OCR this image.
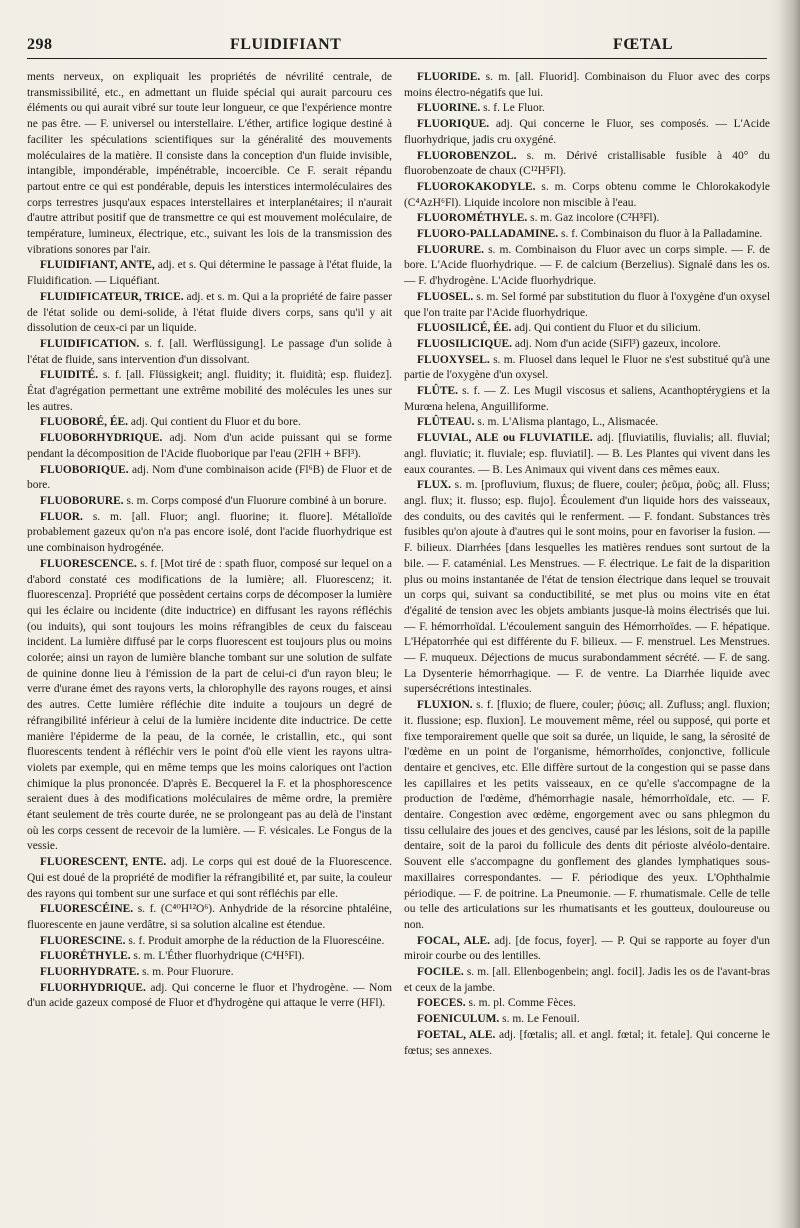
298	FLUIDIFIANT	FŒTAL

ments nerveux, on expliquait les propriétés de névrilité centrale, de transmissibilité, etc., en admettant un fluide spécial qui aurait parcouru ces éléments ou qui aurait vibré sur toute leur longueur, ce que l'expérience montre ne pas être. — F. universel ou interstellaire. L'éther, artifice logique destiné à faciliter les spéculations scientifiques sur la généralité des mouvements moléculaires de la matière. Il consiste dans la conception d'un fluide invisible, intangible, impondérable, impénétrable, incoercible. Ce F. serait répandu partout entre ce qui est pondérable, depuis les interstices intermoléculaires des corps terrestres jusqu'aux espaces interstellaires et interplanétaires; il n'aurait d'autre attribut positif que de transmettre ce qui est mouvement moléculaire, de température, lumineux, électrique, etc., suivant les lois de la transmission des vibrations sonores par l'air.

FLUIDIFIANT, ANTE, adj. et s. Qui détermine le passage à l'état fluide, la Fluidification. — Liquéfiant.

FLUIDIFICATEUR, TRICE. adj. et s. m. Qui a la propriété de faire passer de l'état solide ou demi-solide, à l'état fluide divers corps, sans qu'il y ait dissolution de ceux-ci par un liquide.

FLUIDIFICATION. s. f. [all. Werflüssigung]. Le passage d'un solide à l'état de fluide, sans intervention d'un dissolvant.

FLUIDITÉ. s. f. [all. Flüssigkeit; angl. fluidity; it. fluidità; esp. fluidez]. État d'agrégation permettant une extrême mobilité des molécules les unes sur les autres.

FLUOBORÉ, ÉE. adj. Qui contient du Fluor et du bore.

FLUOBORHYDRIQUE. adj. Nom d'un acide puissant qui se forme pendant la décomposition de l'Acide fluoborique par l'eau (2FlH + BFl³).

FLUOBORIQUE. adj. Nom d'une combinaison acide (Fl⁶B) de Fluor et de bore.

FLUOBORURE. s. m. Corps composé d'un Fluorure combiné à un borure.

FLUOR. s. m. [all. Fluor; angl. fluorine; it. fluore]. Métalloïde probablement gazeux qu'on n'a pas encore isolé, dont l'acide fluorhydrique est une combinaison hydrogénée.

FLUORESCENCE. s. f. [Mot tiré de : spath fluor, composé sur lequel on a d'abord constaté ces modifications de la lumière; all. Fluorescenz; it. fluorescenza]. Propriété que possèdent certains corps de décomposer la lumière qui les éclaire ou incidente (dite inductrice) en diffusant les rayons réfléchis (ou induits), qui sont toujours les moins réfrangibles de ceux du faisceau incident. La lumière diffusé par le corps fluorescent est toujours plus ou moins colorée; ainsi un rayon de lumière blanche tombant sur une solution de sulfate de quinine donne lieu à l'émission de la part de celui-ci d'un rayon bleu; le verre d'urane émet des rayons verts, la chlorophylle des rayons rouges, et ainsi des autres. Cette lumière réfléchie dite induite a toujours un degré de réfrangibilité inférieur à celui de la lumière incidente dite inductrice. De cette manière l'épiderme de la peau, de la cornée, le cristallin, etc., qui sont fluorescents tendent à réfléchir vers le point d'où elle vient les rayons ultra-violets par exemple, qui en même temps que les moins caloriques ont l'action chimique la plus prononcée. D'après E. Becquerel la F. et la phosphorescence seraient dues à des modifications moléculaires de même ordre, la première étant seulement de très courte durée, ne se prolongeant pas au delà de l'instant où les corps cessent de recevoir de la lumière. — F. vésicales. Le Fongus de la vessie.

FLUORESCENT, ENTE. adj. Le corps qui est doué de la Fluorescence. Qui est doué de la propriété de modifier la réfrangibilité et, par suite, la couleur des rayons qui tombent sur une surface et qui sont réfléchis par elle.

FLUORESCÉINE. s. f. (C⁴⁰H¹²O⁶). Anhydride de la résorcine phtaléine, fluorescente en jaune verdâtre, si sa solution alcaline est étendue.

FLUORESCINE. s. f. Produit amorphe de la réduction de la Fluorescéine.

FLUORÉTHYLE. s. m. L'Éther fluorhydrique (C⁴H⁵Fl).

FLUORHYDRATE. s. m. Pour Fluorure.

FLUORHYDRIQUE. adj. Qui concerne le fluor et l'hydrogène. — Nom d'un acide gazeux composé de Fluor et d'hydrogène qui attaque le verre (HFl).

FLUORIDE. s. m. [all. Fluorid]. Combinaison du Fluor avec des corps moins électro-négatifs que lui.

FLUORINE. s. f. Le Fluor.

FLUORIQUE. adj. Qui concerne le Fluor, ses composés. — L'Acide fluorhydrique, jadis cru oxygéné.

FLUOROBENZOL. s. m. Dérivé cristallisable fusible à 40° du fluorobenzoate de chaux (C¹²H⁵Fl).

FLUOROKAKODYLE. s. m. Corps obtenu comme le Chlorokakodyle (C⁴AzH⁶Fl). Liquide incolore non miscible à l'eau.

FLUOROMÉTHYLE. s. m. Gaz incolore (C²H³Fl).

FLUORO-PALLADAMINE. s. f. Combinaison du fluor à la Palladamine.

FLUORURE. s. m. Combinaison du Fluor avec un corps simple. — F. de bore. L'Acide fluorhydrique. — F. de calcium (Berzelius). Signalé dans les os. — F. d'hydrogène. L'Acide fluorhydrique.

FLUOSEL. s. m. Sel formé par substitution du fluor à l'oxygène d'un oxysel que l'on traite par l'Acide fluorhydrique.

FLUOSILICÉ, ÉE. adj. Qui contient du Fluor et du silicium.

FLUOSILICIQUE. adj. Nom d'un acide (SiFl³) gazeux, incolore.

FLUOXYSEL. s. m. Fluosel dans lequel le Fluor ne s'est substitué qu'à une partie de l'oxygène d'un oxysel.

FLÛTE. s. f. — Z. Les Mugil viscosus et saliens, Acanthoptérygiens et la Murœna helena, Anguilliforme.

FLÛTEAU. s. m. L'Alisma plantago, L., Alismacée.

FLUVIAL, ALE ou FLUVIATILE. adj. [fluviatilis, fluvialis; all. fluvial; angl. fluviatic; it. fluviale; esp. fluviatil]. — B. Les Plantes qui vivent dans les eaux courantes. — B. Les Animaux qui vivent dans ces mêmes eaux.

FLUX. s. m. [profluvium, fluxus; de fluere, couler; ῥεῦμα, ῥοῦς; all. Fluss; angl. flux; it. flusso; esp. flujo]. Écoulement d'un liquide hors des vaisseaux, des conduits, ou des cavités qui le renferment. — F. fondant. Substances très fusibles qu'on ajoute à d'autres qui le sont moins, pour en favoriser la fusion. — F. bilieux. Diarrhées [dans lesquelles les matières rendues sont surtout de la bile. — F. cataménial. Les Menstrues. — F. électrique. Le fait de la disparition plus ou moins instantanée de l'état de tension électrique dans lequel se trouvait un corps qui, suivant sa conductibilité, se met plus ou moins vite en état d'égalité de tension avec les objets ambiants jusque-là moins électrisés que lui. — F. hémorrhoïdal. L'écoulement sanguin des Hémorrhoïdes. — F. hépatique. L'Hépatorrhée qui est différente du F. bilieux. — F. menstruel. Les Menstrues. — F. muqueux. Déjections de mucus surabondamment sécrété. — F. de sang. La Dysenterie hémorrhagique. — F. de ventre. La Diarrhée liquide avec supersécrétions intestinales.

FLUXION. s. f. [fluxio; de fluere, couler; ῥύσις; all. Zufluss; angl. fluxion; it. flussione; esp. fluxion]. Le mouvement même, réel ou supposé, qui porte et fixe temporairement quelle que soit sa durée, un liquide, le sang, la sérosité de l'œdème en un point de l'organisme, hémorrhoïdes, conjonctive, follicule dentaire et gencives, etc. Elle diffère surtout de la congestion qui se passe dans les capillaires et les petits vaisseaux, en ce qu'elle s'accompagne de la production de l'œdème, d'hémorrhagie nasale, hémorrhoïdale, etc. — F. dentaire. Congestion avec œdème, engorgement avec ou sans phlegmon du tissu cellulaire des joues et des gencives, causé par les lésions, soit de la papille dentaire, soit de la paroi du follicule des dents dit périoste alvéolo-dentaire. Souvent elle s'accompagne du gonflement des glandes lymphatiques sous-maxillaires correspondantes. — F. périodique des yeux. L'Ophthalmie périodique. — F. de poitrine. La Pneumonie. — F. rhumatismale. Celle de telle ou telle des articulations sur les rhumatisants et les goutteux, douloureuse ou non.

FOCAL, ALE. adj. [de focus, foyer]. — P. Qui se rapporte au foyer d'un miroir courbe ou des lentilles.

FOCILE. s. m. [all. Ellenbogenbein; angl. focil]. Jadis les os de l'avant-bras et ceux de la jambe.

FOECES. s. m. pl. Comme Fèces.

FOENICULUM. s. m. Le Fenouil.

FOETAL, ALE. adj. [fœtalis; all. et angl. fœtal; it. fetale]. Qui concerne le fœtus; ses annexes.
